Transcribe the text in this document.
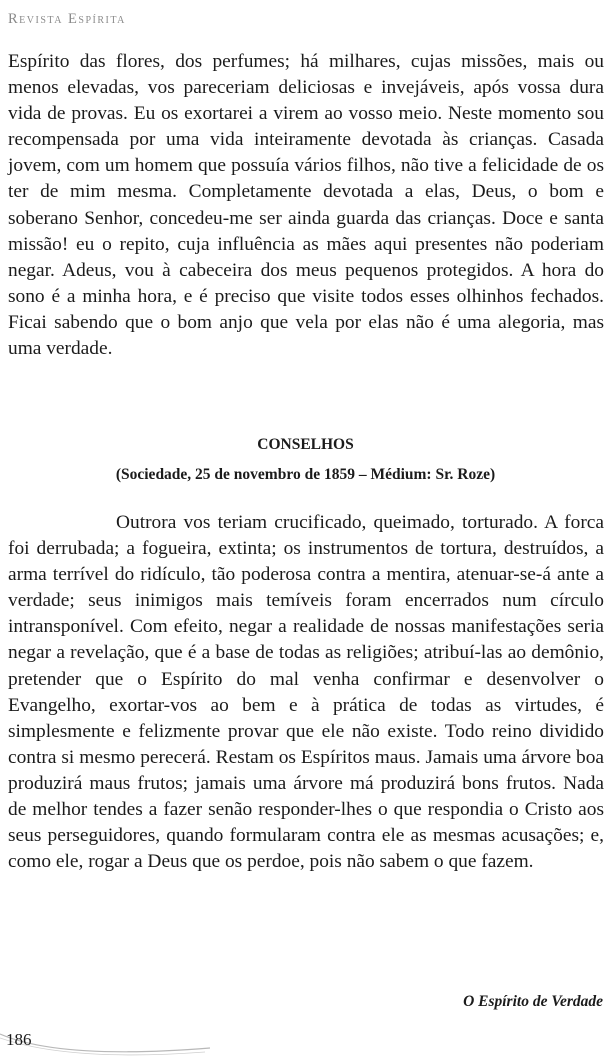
Revista Espírita

Espírito das flores, dos perfumes; há milhares, cujas missões, mais ou menos elevadas, vos pareceriam deliciosas e invejáveis, após vossa dura vida de provas. Eu os exortarei a virem ao vosso meio. Neste momento sou recompensada por uma vida inteiramente devotada às crianças. Casada jovem, com um homem que possuía vários filhos, não tive a felicidade de os ter de mim mesma. Completamente devotada a elas, Deus, o bom e soberano Senhor, concedeu-me ser ainda guarda das crianças. Doce e santa missão! eu o repito, cuja influência as mães aqui presentes não poderiam negar. Adeus, vou à cabeceira dos meus pequenos protegidos. A hora do sono é a minha hora, e é preciso que visite todos esses olhinhos fechados. Ficai sabendo que o bom anjo que vela por elas não é uma alegoria, mas uma verdade.

CONSELHOS
(Sociedade, 25 de novembro de 1859 – Médium: Sr. Roze)

Outrora vos teriam crucificado, queimado, torturado. A forca foi derrubada; a fogueira, extinta; os instrumentos de tortura, destruídos, a arma terrível do ridículo, tão poderosa contra a mentira, atenuar-se-á ante a verdade; seus inimigos mais temíveis foram encerrados num círculo intransponível. Com efeito, negar a realidade de nossas manifestações seria negar a revelação, que é a base de todas as religiões; atribuí-las ao demônio, pretender que o Espírito do mal venha confirmar e desenvolver o Evangelho, exortar-vos ao bem e à prática de todas as virtudes, é simplesmente e felizmente provar que ele não existe. Todo reino dividido contra si mesmo perecerá. Restam os Espíritos maus. Jamais uma árvore boa produzirá maus frutos; jamais uma árvore má produzirá bons frutos. Nada de melhor tendes a fazer senão responder-lhes o que respondia o Cristo aos seus perseguidores, quando formularam contra ele as mesmas acusações; e, como ele, rogar a Deus que os perdoe, pois não sabem o que fazem.

O Espírito de Verdade
186
